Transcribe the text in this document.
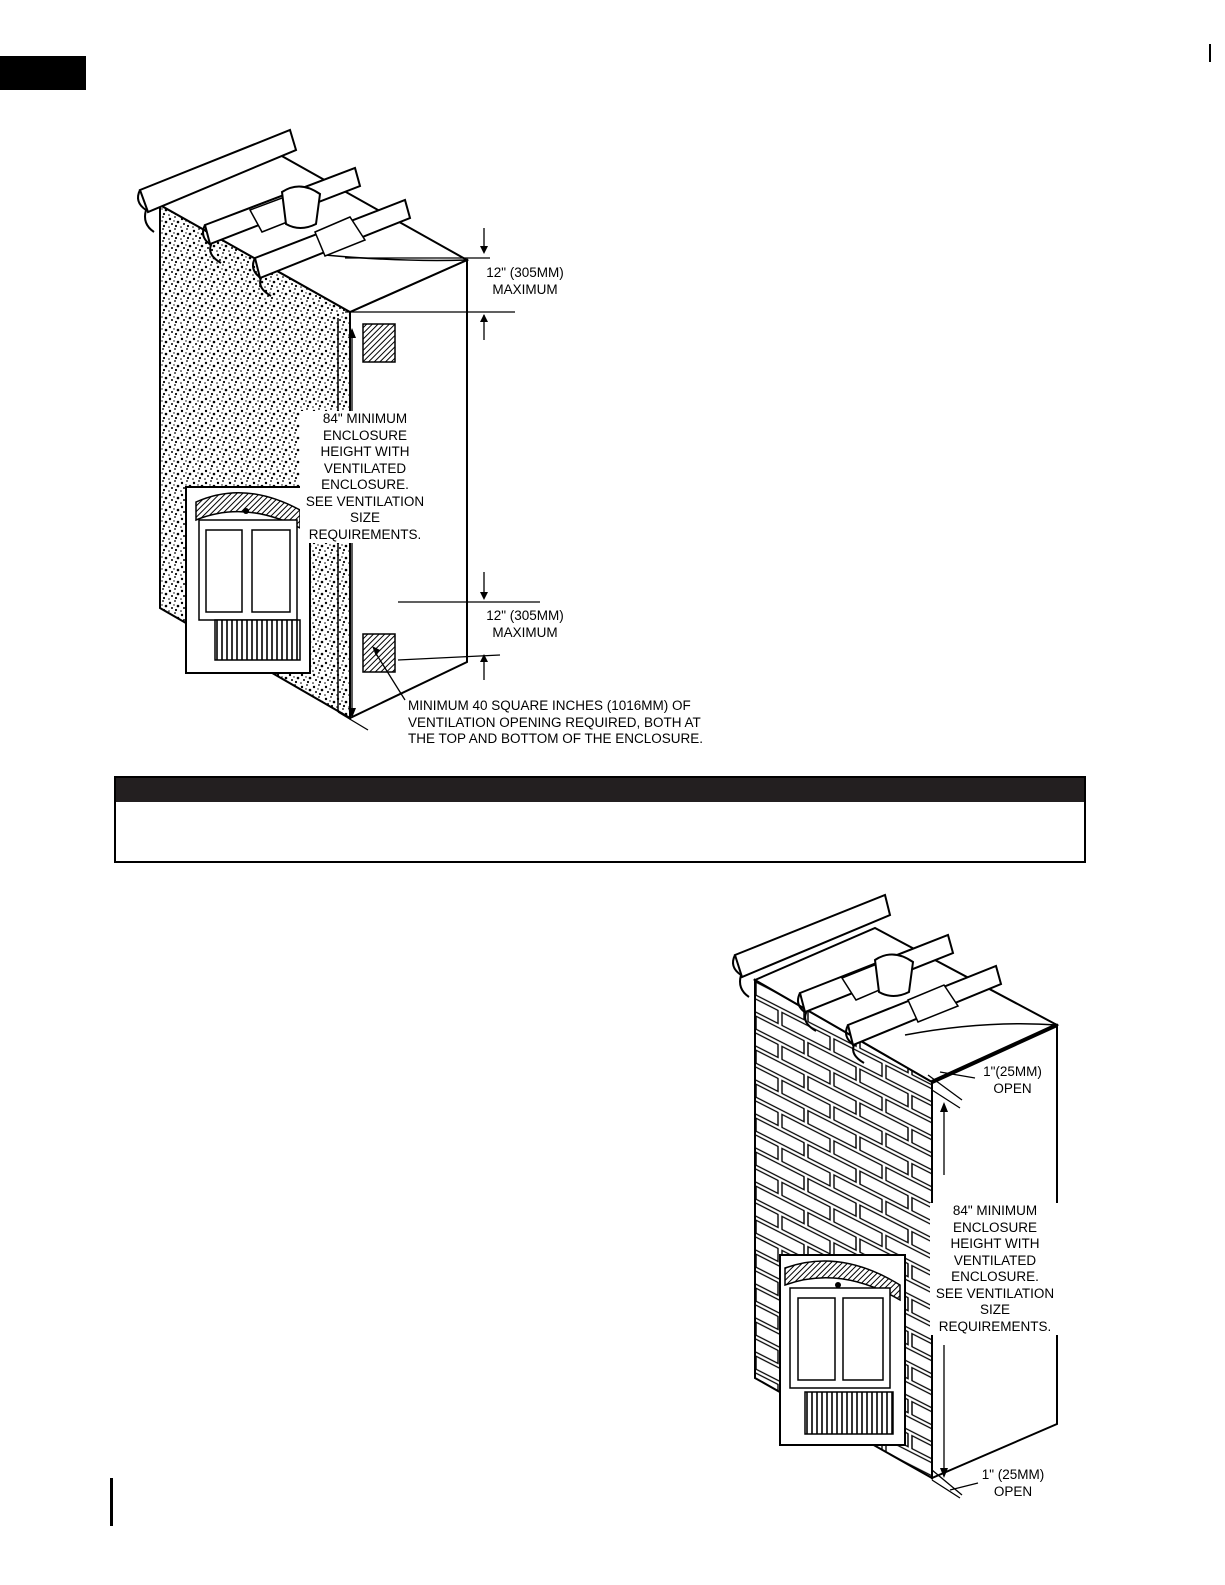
12" (305MM)
MAXIMUM
84" MINIMUM
ENCLOSURE
HEIGHT WITH
VENTILATED
ENCLOSURE.
SEE VENTILATION
SIZE
REQUIREMENTS.
12" (305MM)
MAXIMUM
MINIMUM 40 SQUARE INCHES (1016MM) OF
VENTILATION OPENING REQUIRED, BOTH AT
THE TOP AND BOTTOM OF THE ENCLOSURE.
1"(25MM)
OPEN
84" MINIMUM
ENCLOSURE
HEIGHT WITH
VENTILATED
ENCLOSURE.
SEE VENTILATION
SIZE
REQUIREMENTS.
1" (25MM)
OPEN
